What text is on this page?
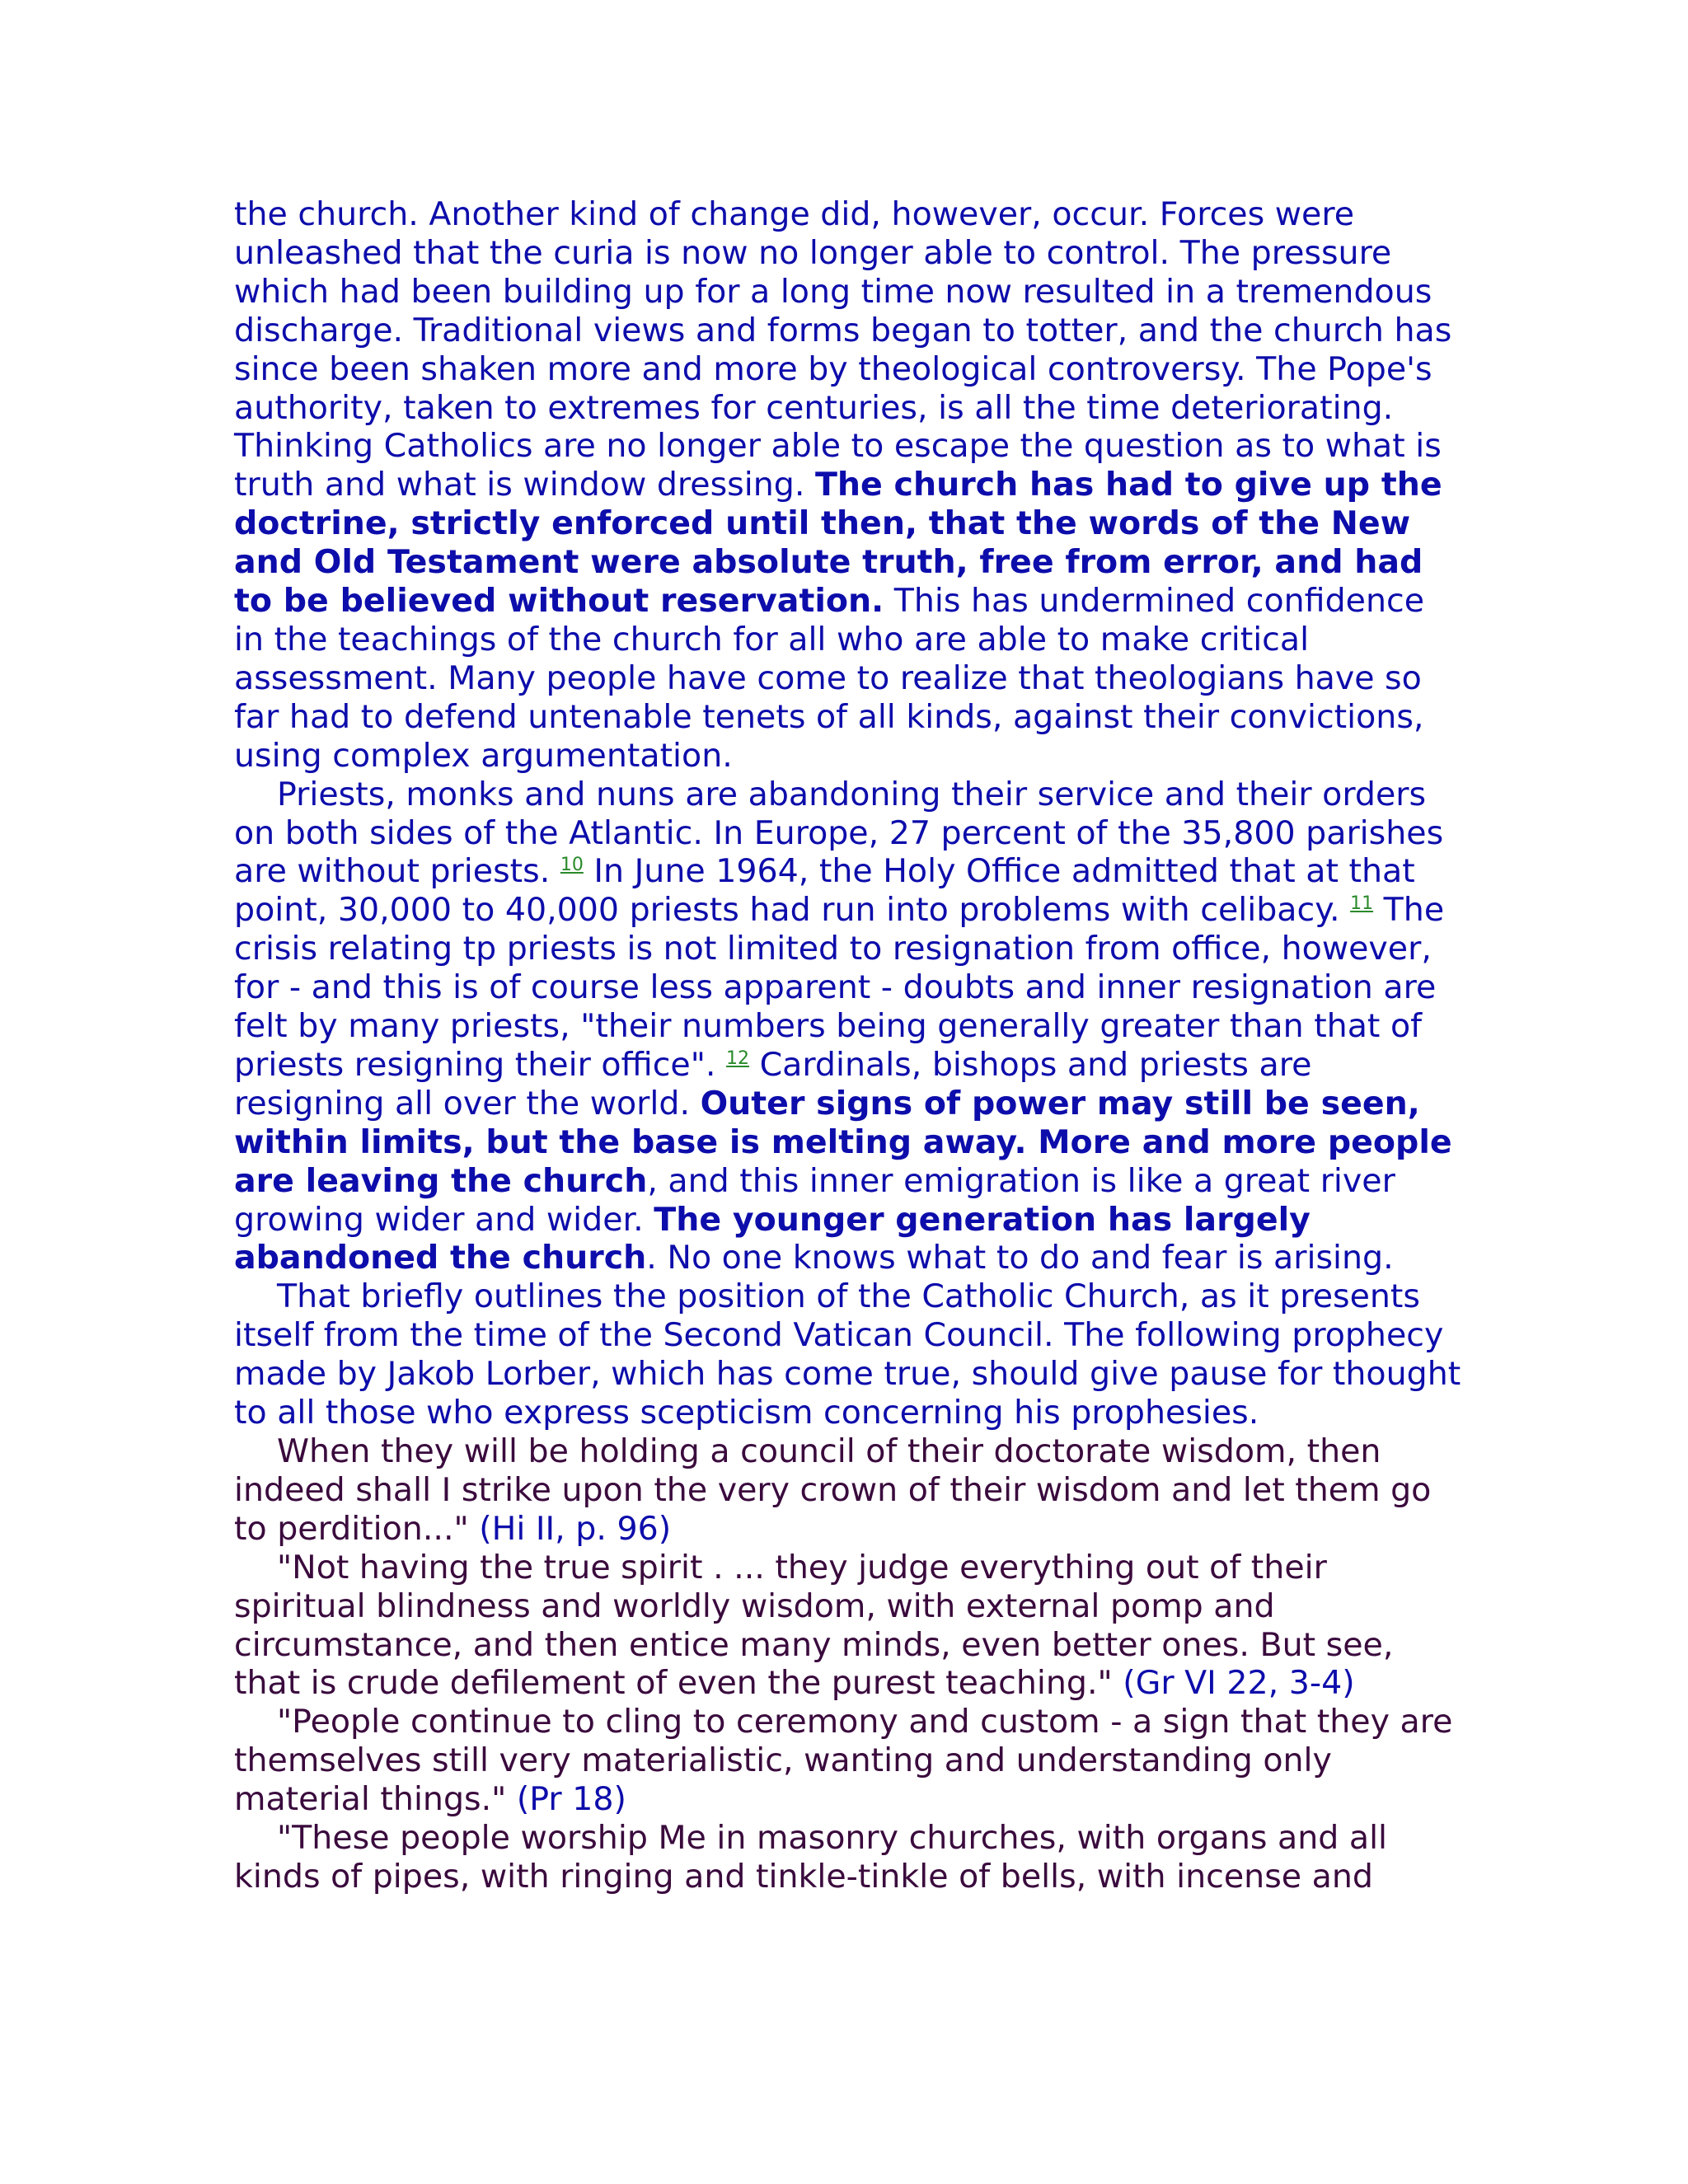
the church. Another kind of change did, however, occur. Forces were unleashed that the curia is now no longer able to control. The pressure which had been building up for a long time now resulted in a tremendous discharge. Traditional views and forms began to totter, and the church has since been shaken more and more by theological controversy. The Pope's authority, taken to extremes for centuries, is all the time deteriorating. Thinking Catholics are no longer able to escape the question as to what is truth and what is window dressing. The church has had to give up the doctrine, strictly enforced until then, that the words of the New and Old Testament were absolute truth, free from error, and had to be believed without reservation. This has undermined confidence in the teachings of the church for all who are able to make critical assessment. Many people have come to realize that theologians have so far had to defend untenable tenets of all kinds, against their convictions, using complex argumentation.

Priests, monks and nuns are abandoning their service and their orders on both sides of the Atlantic. In Europe, 27 percent of the 35,800 parishes are without priests. $^{10}$ In June 1964, the Holy Office admitted that at that point, 30,000 to 40,000 priests had run into problems with celibacy. $^{11}$ The crisis relating tp priests is not limited to resignation from office, however, for - and this is of course less apparent - doubts and inner resignation are felt by many priests, "their numbers being generally greater than that of priests resigning their office". $^{12}$ Cardinals, bishops and priests are resigning all over the world. Outer signs of power may still be seen, within limits, but the base is melting away. More and more people are leaving the church, and this inner emigration is like a great river growing wider and wider. The younger generation has largely abandoned the church. No one knows what to do and fear is arising.

That briefly outlines the position of the Catholic Church, as it presents itself from the time of the Second Vatican Council. The following prophecy made by Jakob Lorber, which has come true, should give pause for thought to all those who express scepticism concerning his prophesies.

When they will be holding a council of their doctorate wisdom, then indeed shall I strike upon the very crown of their wisdom and let them go to perdition..." (Hi II, p. 96)

"Not having the true spirit . ... they judge everything out of their spiritual blindness and worldly wisdom, with external pomp and circumstance, and then entice many minds, even better ones. But see, that is crude defilement of even the purest teaching." (Gr VI 22, 3-4)

"People continue to cling to ceremony and custom - a sign that they are themselves still very materialistic, wanting and understanding only material things." (Pr 18)

"These people worship Me in masonry churches, with organs and all kinds of pipes, with ringing and tinkle-tinkle of bells, with incense and
